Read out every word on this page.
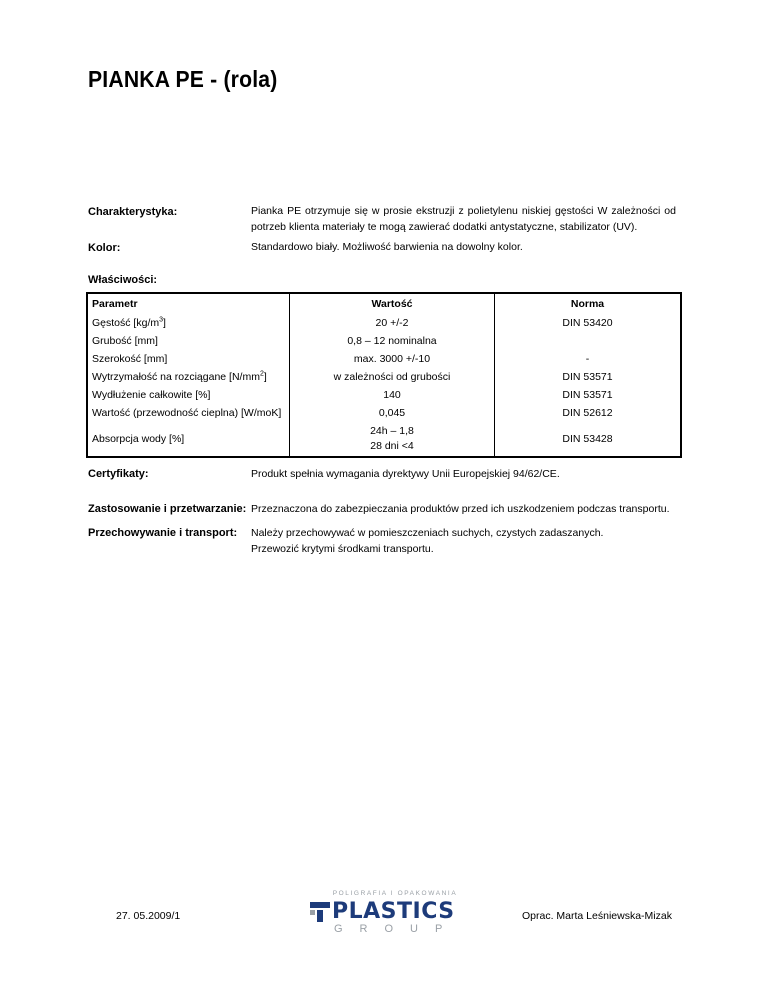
PIANKA PE - (rola)
Charakterystyka:	Pianka PE otrzymuje się w prosie ekstruzji z polietylenu niskiej gęstości W zależności od potrzeb klienta materiały te mogą zawierać dodatki antystatyczne, stabilizator (UV).
Kolor:	Standardowo biały. Możliwość barwienia na dowolny kolor.
Właściwości:
Parametr	Wartość	Norma
Gęstość $[kg/m^3]$	20 +/-2	DIN 53420
Grubość [mm]	0,8 – 12 nominalna	
Szerokość [mm]	max. 3000 +/-10	-
Wytrzymałość na rozciągane $[N/mm^2]$	w zależności od grubości	DIN 53571
Wydłużenie całkowite [%]	140	DIN 53571
Wartość (przewodność cieplna) [W/moK]	0,045	DIN 52612
Absorpcja wody [%]	24h – 1,8
28 dni <4	DIN 53428
Certyfikaty:	Produkt spełnia wymagania dyrektywy Unii Europejskiej 94/62/CE.
Zastosowanie i przetwarzanie: Przeznaczona do zabezpieczania produktów przed ich uszkodzeniem podczas transportu.
Przechowywanie i transport: Należy przechowywać w pomieszczeniach suchych, czystych zadaszanych.
Przewozić krytymi środkami transportu.
27. 05.2009/1
POLIGRAFIA I OPAKOWANIA
PLASTICS
GROUP
Oprac. Marta Leśniewska-Mizak
